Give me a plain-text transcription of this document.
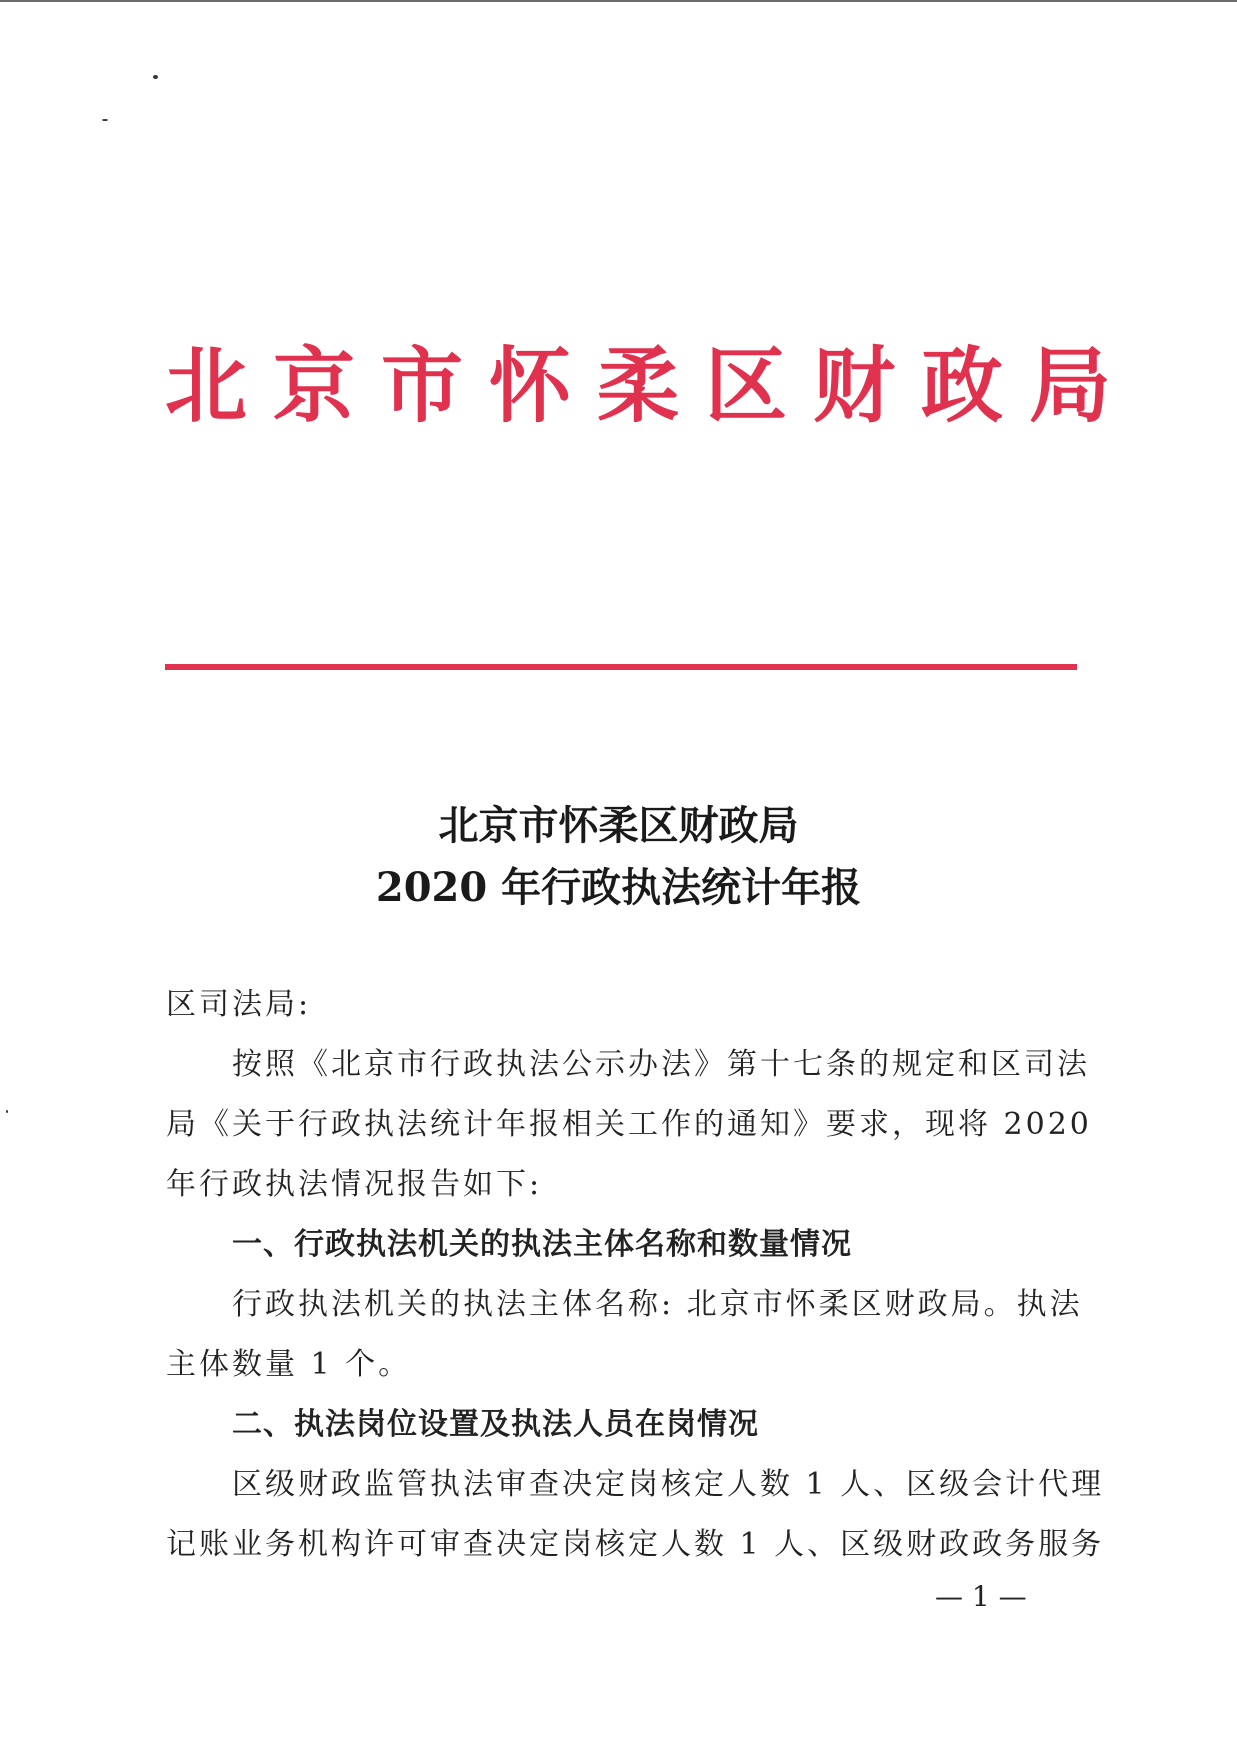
北京市怀柔区财政局
北京市怀柔区财政局
2020 年行政执法统计年报

区司法局:

按照《北京市行政执法公示办法》第十七条的规定和区司法

局《关于行政执法统计年报相关工作的通知》要求，现将 2020

年行政执法情况报告如下:

一、行政执法机关的执法主体名称和数量情况

行政执法机关的执法主体名称: 北京市怀柔区财政局。执法

主体数量 1 个。

二、执法岗位设置及执法人员在岗情况

区级财政监管执法审查决定岗核定人数 1 人、区级会计代理

记账业务机构许可审查决定岗核定人数 1 人、区级财政政务服务

— 1 —
